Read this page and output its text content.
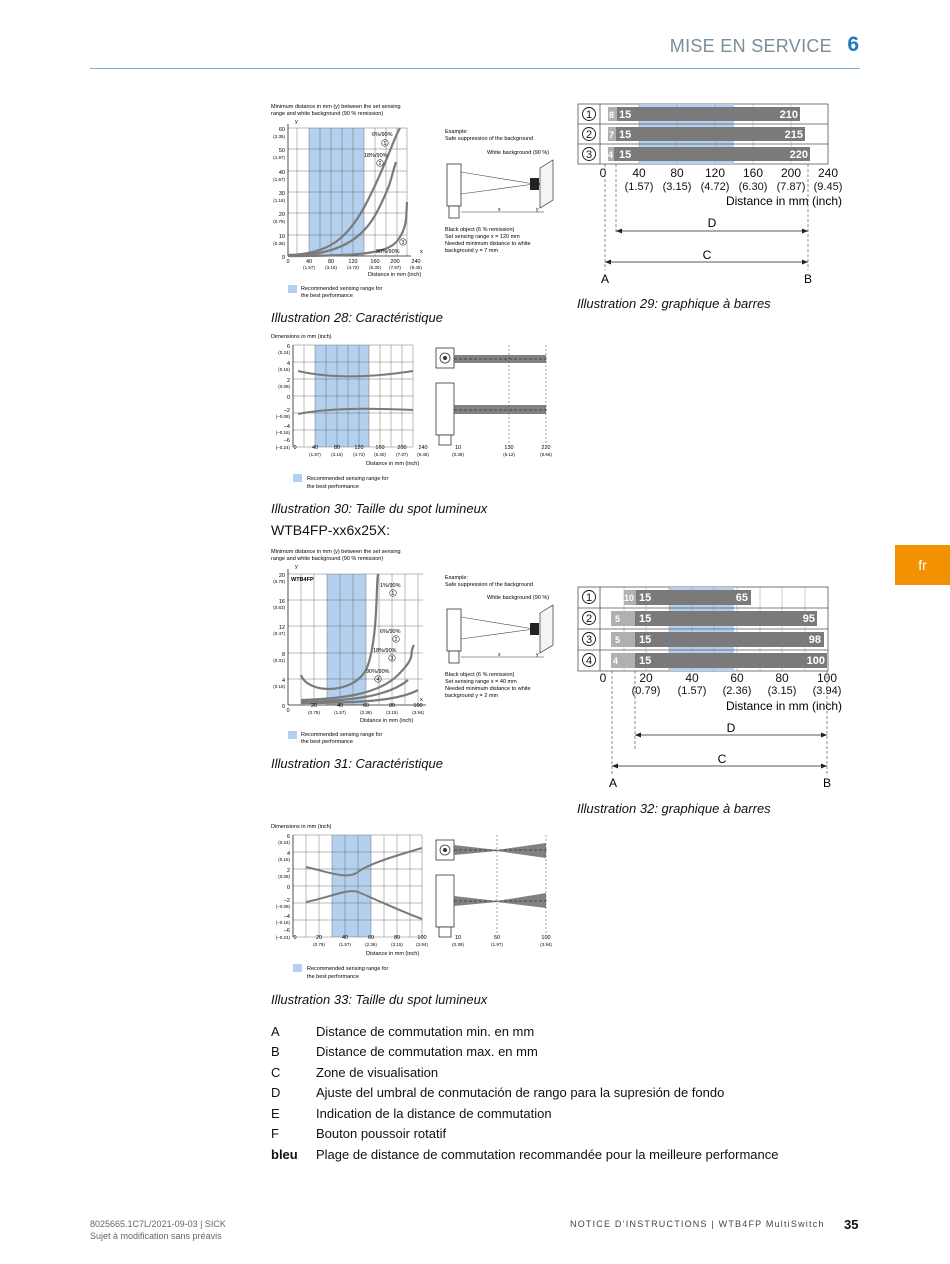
MISE EN SERVICE 6
fr
Minimum distance in mm (y) between the set sensing
range and white background (90 % remission)
y
6%/90%
1
18%/90%
2
3
90%/90%	x
60
(2.36)
50
(1.97)
40
(1.57)
30
(1.18)
20
(0.79)
10
(0.39)
0
0	40
(1.57)
80
(3.15)
120
(4.72)
160
(6.30)
200
(7.87)
240
(9.45)
Distance in mm (inch)
Recommended sensing range for
the best performance
Example:
Safe suppression of the background
White background (90 %)
x	y
Black object (6 % remission)
Set sensing range x = 120 mm
Needed minimum distance to white
background y = 7 mm
Illustration 28: Caractéristique
8 15	210
7 15	215
4 15	220
1
2
3
0 40
(1.57)
80
(3.15)
120
(4.72)
160
(6.30)
200
(7.87)
240
(9.45)
Distance in mm (inch)
D
C
A	B
Illustration 29: graphique à barres
Dimensions in mm (inch)
6
(0.24)
4
(0.16)
2
(0.08)
0
–2
(–0.08)
–4
(–0.16)
–6
(–0.24) 0	40
(1.57)
80
(3.15)
120
(4.72)
160
(6.30)
200
(7.87)
240
(9.45)
Distance in mm (inch)
Recommended sensing range for
the best performance
10
(0.39)
130
(5.12)
220
(8.66)
Illustration 30: Taille du spot lumineux
WTB4FP-xx6x25X:
Minimum distance in mm (y) between the set sensing
range and white background (90 % remission)
y
WTB4FP
1%/90%
1
6%/90%
2
18%/90%
3
90%/90%
4
x
20
(0.79)
16
(0.63)
12
(0.47)
8
(0.31)
4
(0.16)
0
0
20
(0.79)
40
(1.57)
60
(2.36)
80
(3.15)
100
(3.94)
Distance in mm (inch)
Recommended sensing range for
the best performance
Example:
Safe suppression of the background
White background (90 %)
x	y
Black object (6 % remission)
Set sensing range x = 40 mm
Needed minimum distance to white
background y = 2 mm
Illustration 31: Caractéristique
10 15	65
5 15	95
5 15	98
4 15	100
1
2
3
4
0	20
(0.79)
40
(1.57)
60
(2.36)
80
(3.15)
100
(3.94)
Distance in mm (inch)
D
C
A	B
Illustration 32: graphique à barres
Dimensions in mm (inch)
6
(0.24)
4
(0.16)
2
(0.08)
0
–2
(–0.08)
–4
(–0.16)
–6
(–0.24) 0	20
(0.79)
40
(1.57)
60
(2.36)
80
(3.15)
100
(3.94)
Distance in mm (inch)
Recommended sensing range for
the best performance
10
(0.39)
50
(1.97)
100
(3.94)
Illustration 33: Taille du spot lumineux
A	Distance de commutation min. en mm
B	Distance de commutation max. en mm
C	Zone de visualisation
D	Ajuste del umbral de conmutación de rango para la supresión de fondo
E	Indication de la distance de commutation
F	Bouton poussoir rotatif
bleu Plage de distance de commutation recommandée pour la meilleure performance
8025665.1C7L/2021-09-03 | SICK
Sujet à modification sans préavis
NOTICE D’INSTRUCTIONS | WTB4FP MultiSwitch 35
